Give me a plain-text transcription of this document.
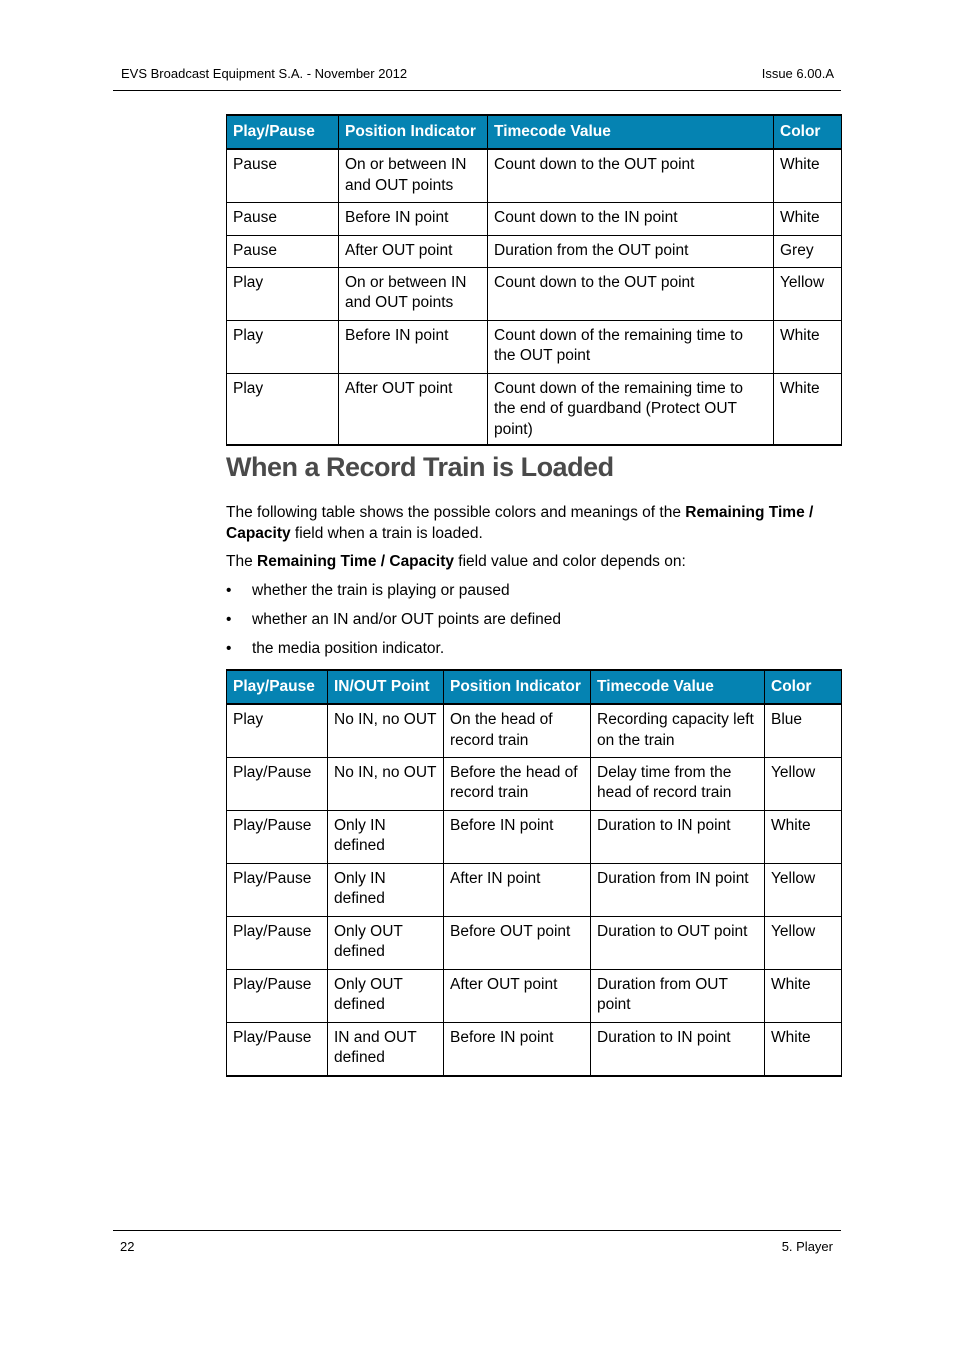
EVS Broadcast Equipment S.A. - November 2012	Issue 6.00.A
Play/Pause	Position Indicator	Timecode Value	Color
Pause	On or between IN and OUT points	Count down to the OUT point	White
Pause	Before IN point	Count down to the IN point	White
Pause	After OUT point	Duration from the OUT point	Grey
Play	On or between IN and OUT points	Count down to the OUT point	Yellow
Play	Before IN point	Count down of the remaining time to the OUT point	White
Play	After OUT point	Count down of the remaining time to the end of guardband (Protect OUT point)	White
When a Record Train is Loaded

The following table shows the possible colors and meanings of the Remaining Time / Capacity field when a train is loaded.

The Remaining Time / Capacity field value and color depends on:

• whether the train is playing or paused
• whether an IN and/or OUT points are defined
• the media position indicator.
Play/Pause	IN/OUT Point	Position Indicator	Timecode Value	Color
Play	No IN, no OUT	On the head of record train	Recording capacity left on the train	Blue
Play/Pause	No IN, no OUT	Before the head of record train	Delay time from the head of record train	Yellow
Play/Pause	Only IN defined	Before IN point	Duration to IN point	White
Play/Pause	Only IN defined	After IN point	Duration from IN point	Yellow
Play/Pause	Only OUT defined	Before OUT point	Duration to OUT point	Yellow
Play/Pause	Only OUT defined	After OUT point	Duration from OUT point	White
Play/Pause	IN and OUT defined	Before IN point	Duration to IN point	White
22	5. Player
